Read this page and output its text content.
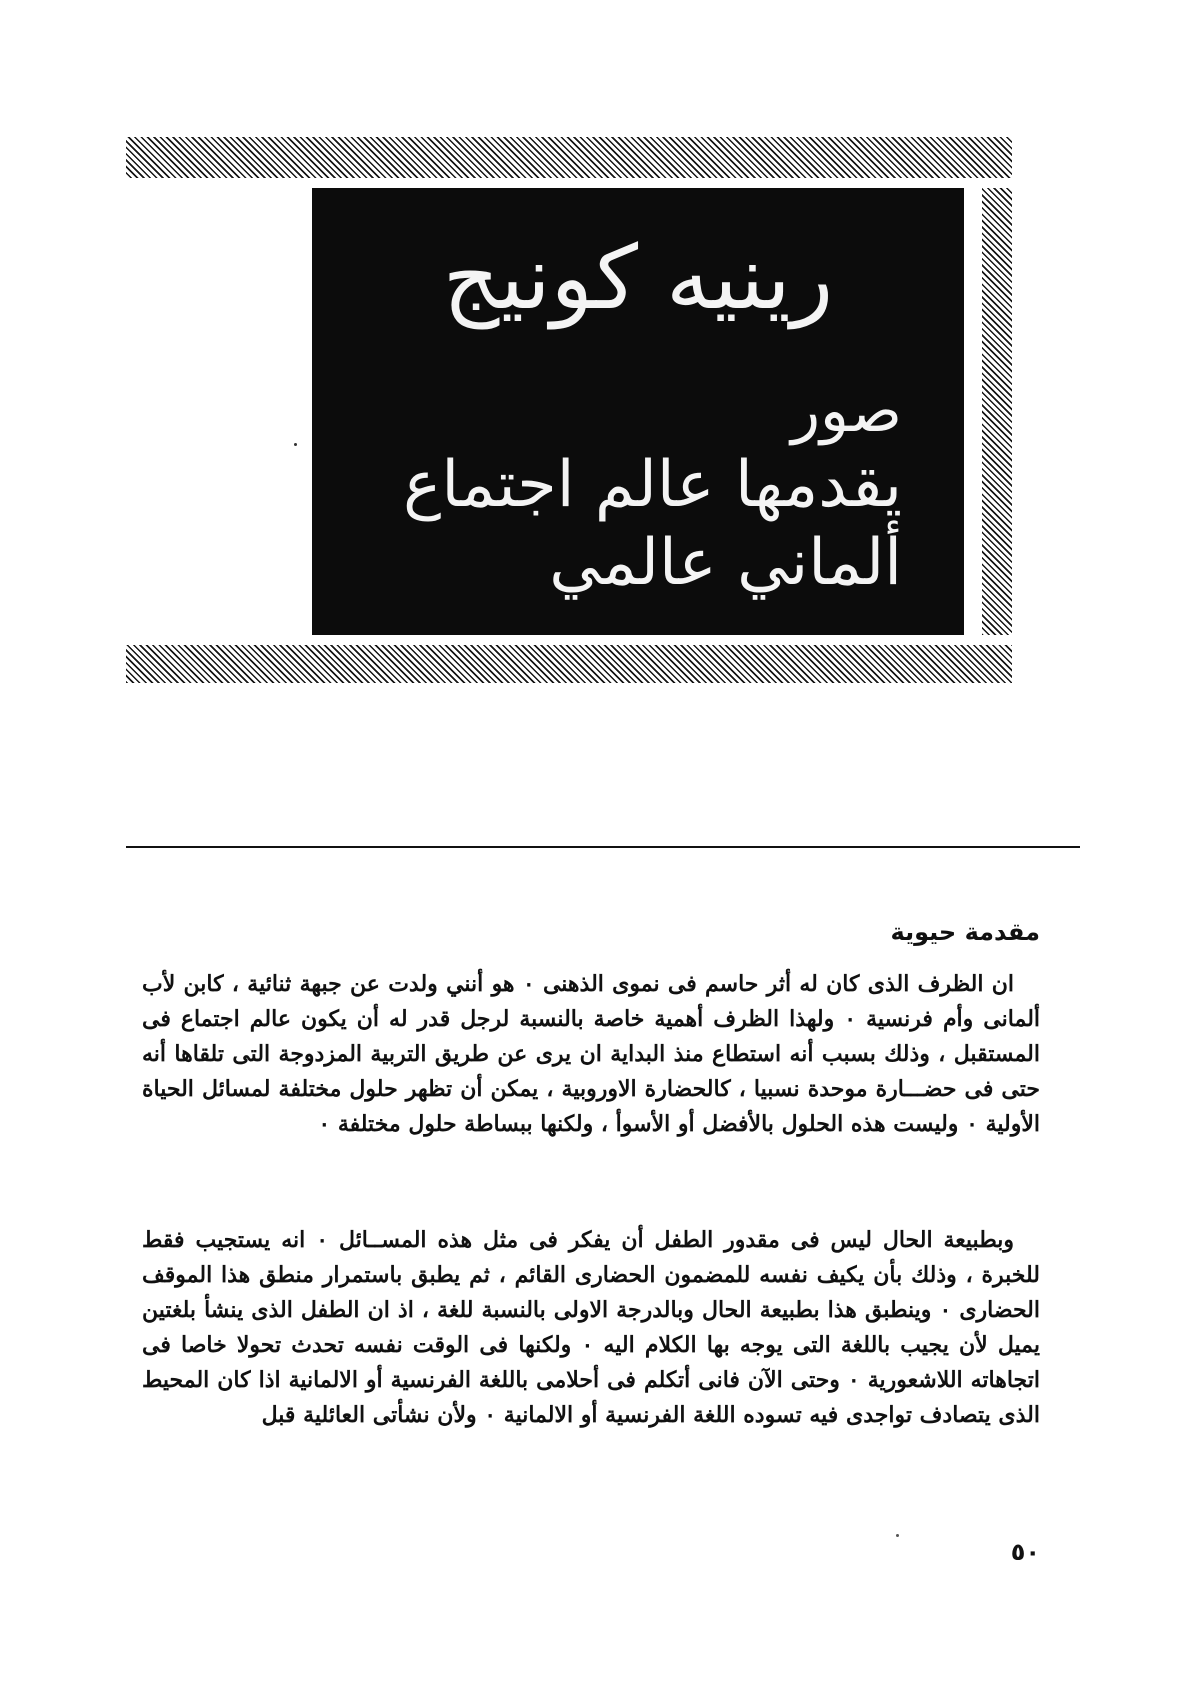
رينيه كونيج
صور
يقدمها عالم اجتماع
ألماني عالمي
مقدمة حيوية

ان الظرف الذى كان له أثر حاسم فى نموى الذهنى ٠ هو أنني ولدت عن جبهة ثنائية ، كابن لأب ألمانى وأم فرنسية ٠ ولهذا الظرف أهمية خاصة بالنسبة لرجل قدر له أن يكون عالم اجتماع فى المستقبل ، وذلك بسبب أنه استطاع منذ البداية ان يرى عن طريق التربية المزدوجة التى تلقاها أنه حتى فى حضـــارة موحدة نسبيا ، كالحضارة الاوروبية ، يمكن أن تظهر حلول مختلفة لمسائل الحياة الأولية ٠ وليست هذه الحلول بالأفضل أو الأسوأ ، ولكنها ببساطة حلول مختلفة ٠

وبطبيعة الحال ليس فى مقدور الطفل أن يفكر فى مثل هذه المســائل ٠ انه يستجيب فقط للخبرة ، وذلك بأن يكيف نفسه للمضمون الحضارى القائم ، ثم يطبق باستمرار منطق هذا الموقف الحضارى ٠ وينطبق هذا بطبيعة الحال وبالدرجة الاولى بالنسبة للغة ، اذ ان الطفل الذى ينشأ بلغتين يميل لأن يجيب باللغة التى يوجه بها الكلام اليه ٠ ولكنها فى الوقت نفسه تحدث تحولا خاصا فى اتجاهاته اللاشعورية ٠ وحتى الآن فانى أتكلم فى أحلامى باللغة الفرنسية أو الالمانية اذا كان المحيط الذى يتصادف تواجدى فيه تسوده اللغة الفرنسية أو الالمانية ٠ ولأن نشأتى العائلية قبل

٥٠
